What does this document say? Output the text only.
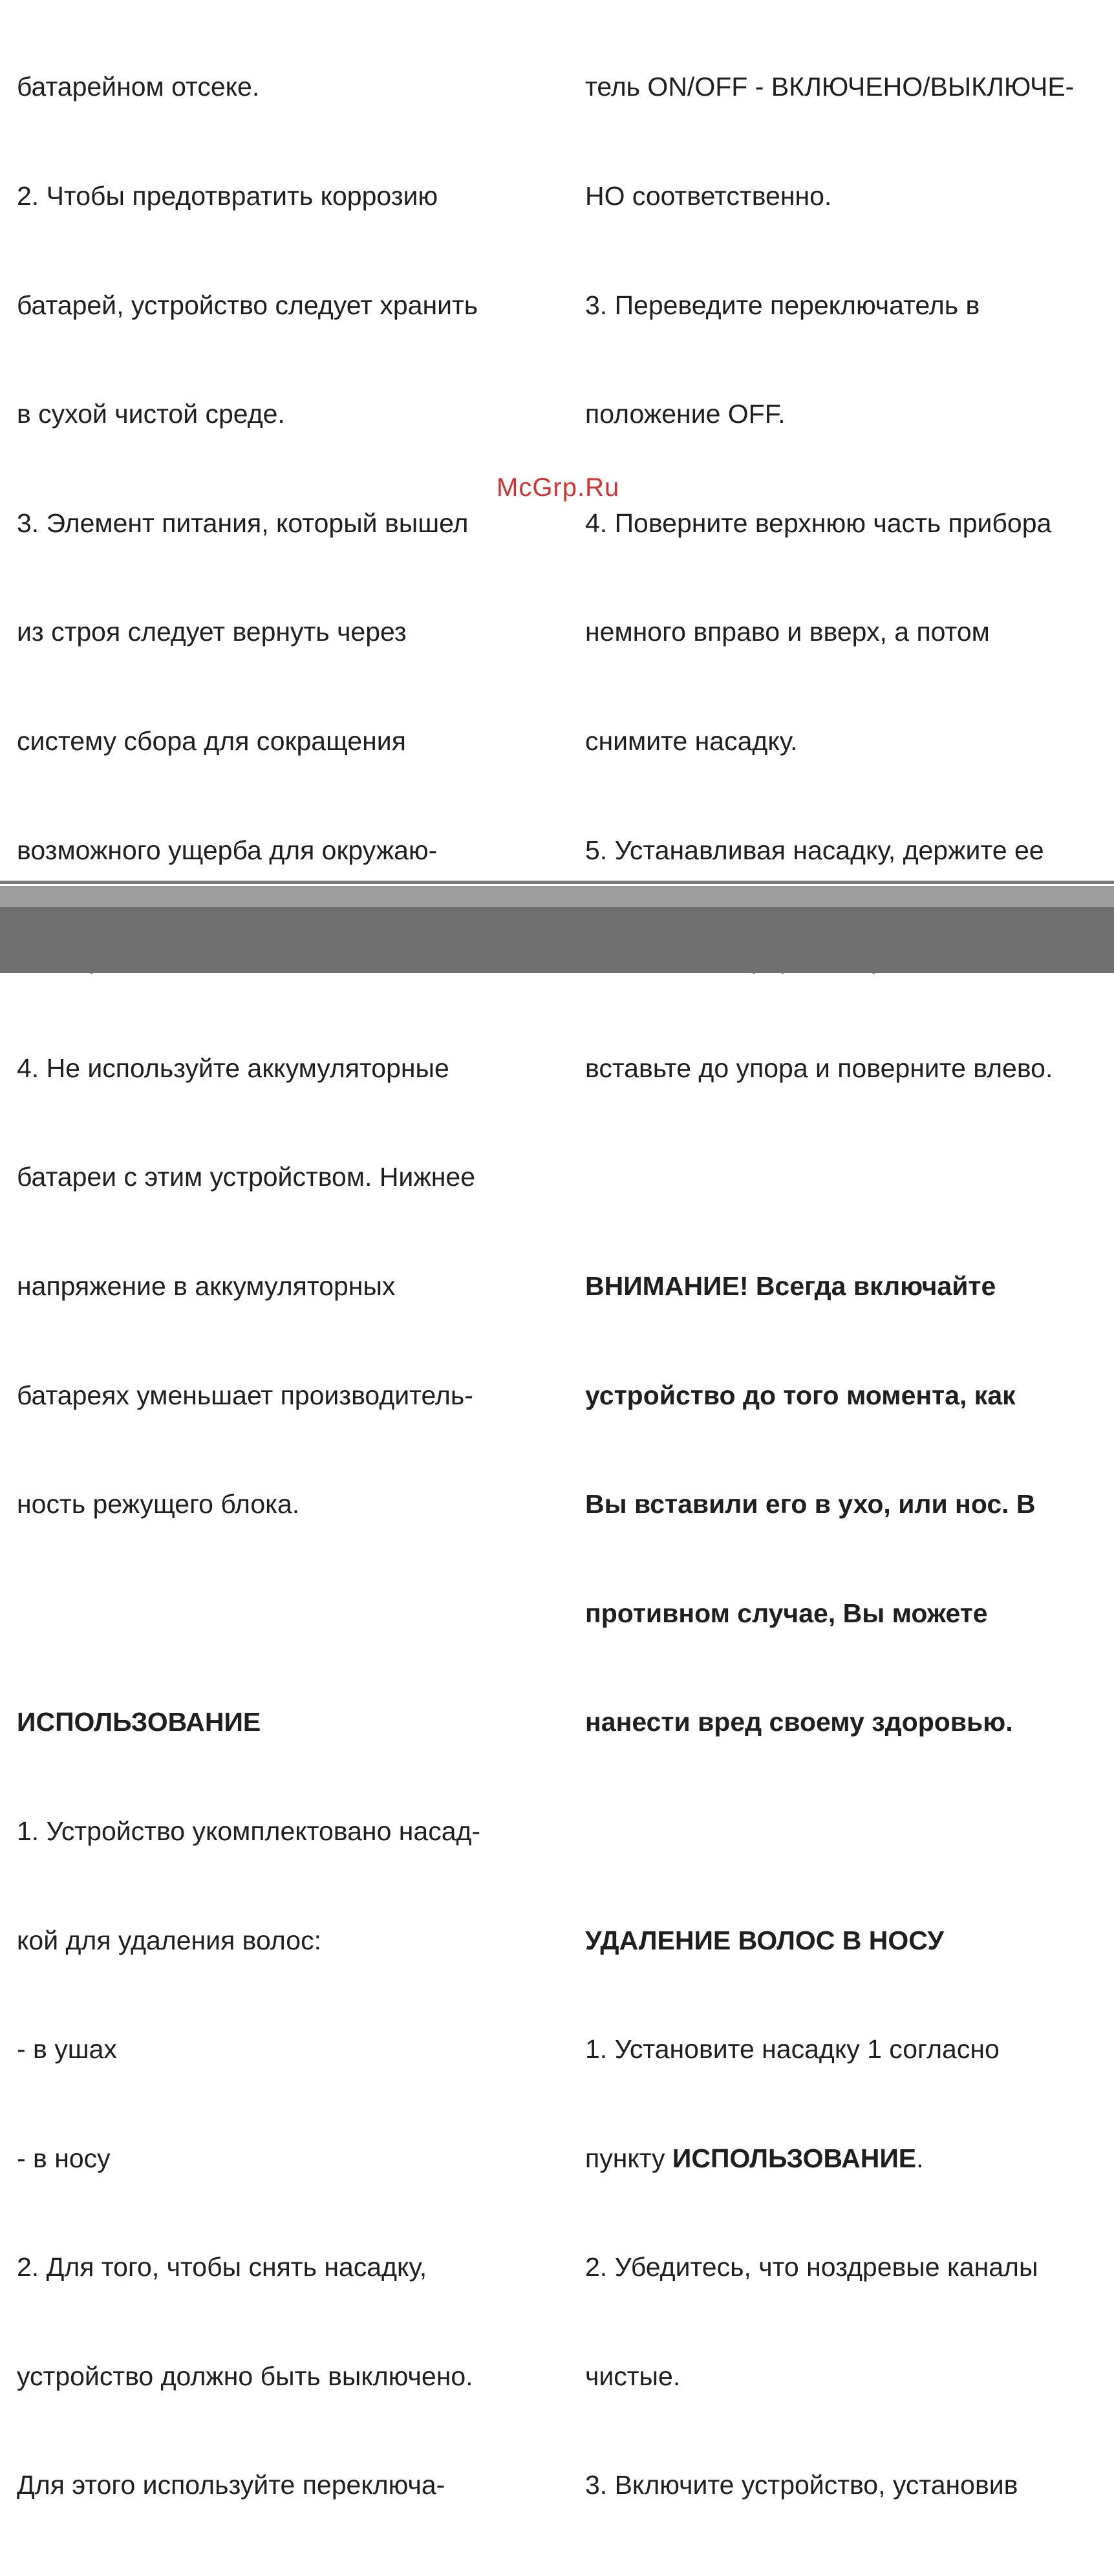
батарейном отсеке.

2. Чтобы предотвратить коррозию

батарей, устройство следует хранить

в сухой чистой среде.

3. Элемент питания, который вышел

из строя следует вернуть через

систему сбора для сокращения

возможного ущерба для окружаю-

4. Не используйте аккумуляторные

батареи с этим устройством. Нижнее

напряжение в аккумуляторных

батареях уменьшает производитель-

ность режущего блока.

ИСПОЛЬЗОВАНИЕ

1. Устройство укомплектовано насад-

кой для удаления волос:

- в ушах

- в носу

2. Для того, чтобы снять насадку,

устройство должно быть выключено.

Для этого используйте переключа-

тель ON/OFF - ВКЛЮЧЕНО/ВЫКЛЮЧЕ-

НО соответственно.

3. Переведите переключатель в

положение OFF.

4. Поверните верхнюю часть прибора

немного вправо и вверх, а потом

снимите насадку.

5. Устанавливая насадку, держите ее

вставьте до упора и поверните влево.

ВНИМАНИЕ! Всегда включайте

устройство до того момента, как

Вы вставили его в ухо, или нос. В

противном случае, Вы можете

нанести вред своему здоровью.

УДАЛЕНИЕ ВОЛОС В НОСУ

1. Установите насадку 1 согласно

пункту ИСПОЛЬЗОВАНИЕ.

2. Убедитесь, что ноздревые каналы

чистые.

3. Включите устройство, установив

McGrp.Ru
